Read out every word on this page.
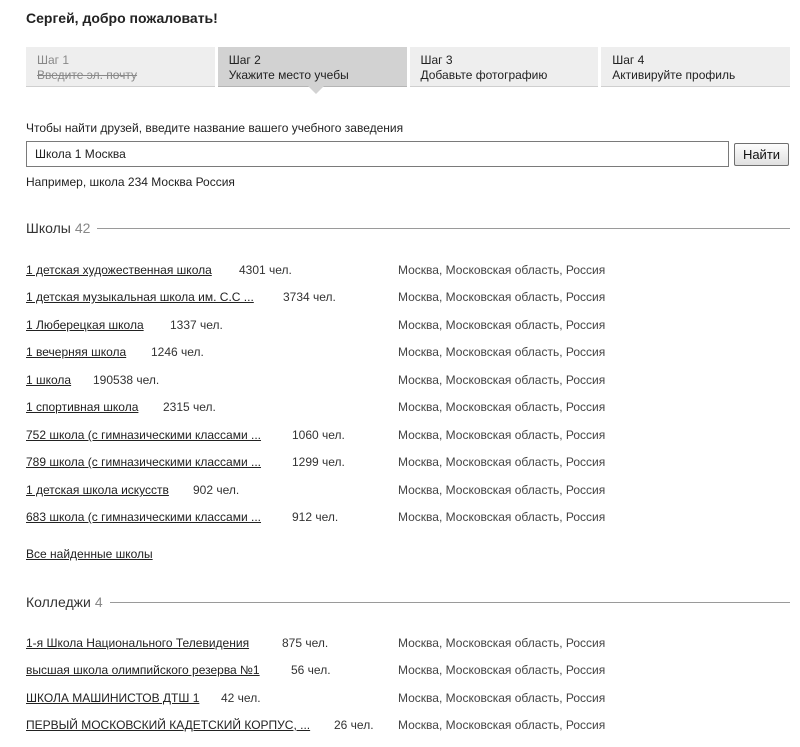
Сергей, добро пожаловать!
Шаг 1
Введите эл. почту
Шаг 2
Укажите место учебы
Шаг 3
Добавьте фотографию
Шаг 4
Активируйте профиль
Чтобы найти друзей, введите название вашего учебного заведения
Школа 1 Москва
Найти
Например, школа 234 Москва Россия
Школы 42
1 детская художественная школа 4301 чел.	Москва, Московская область, Россия
1 детская музыкальная школа им. С.С ... 3734 чел.	Москва, Московская область, Россия
1 Люберецкая школа 1337 чел.	Москва, Московская область, Россия
1 вечерняя школа 1246 чел.	Москва, Московская область, Россия
1 школа 190538 чел.	Москва, Московская область, Россия
1 спортивная школа 2315 чел.	Москва, Московская область, Россия
752 школа (с гимназическими классами ...	1060 чел.	Москва, Московская область, Россия
789 школа (с гимназическими классами ...	1299 чел.	Москва, Московская область, Россия
1 детская школа искусств 902 чел.	Москва, Московская область, Россия
683 школа (с гимназическими классами ...	912 чел.	Москва, Московская область, Россия
Все найденные школы
Колледжи 4
1-я Школа Национального Телевидения	875 чел.	Москва, Московская область, Россия
высшая школа олимпийского резерва №1	56 чел.	Москва, Московская область, Россия
ШКОЛА МАШИНИСТОВ ДТШ 1 42 чел.	Москва, Московская область, Россия
ПЕРВЫЙ МОСКОВСКИЙ КАДЕТСКИЙ КОРПУС, ... 26 чел. Москва, Московская область, Россия
